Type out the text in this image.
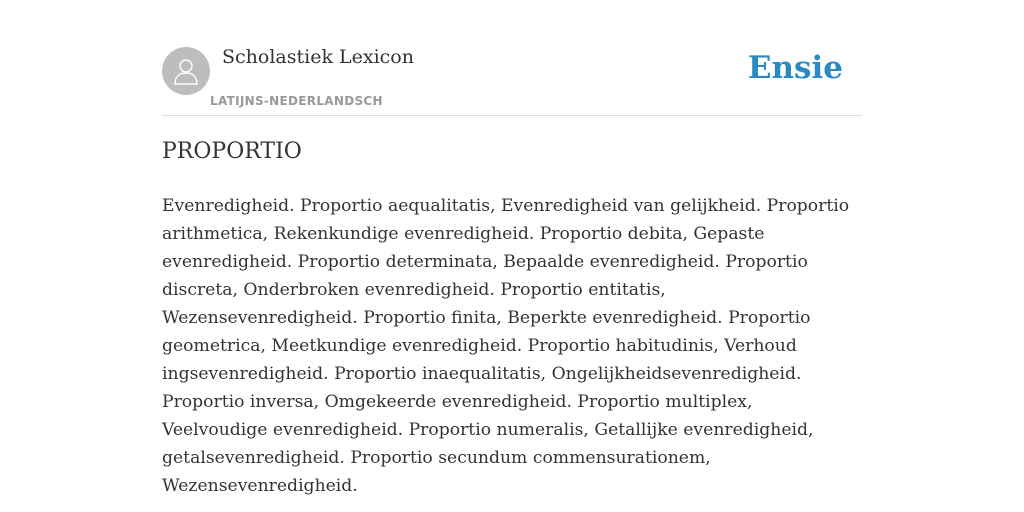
Scholastiek Lexicon
LATIJNS-NEDERLANDSCH
Ensie
PROPORTIO

Evenredigheid. Proportio aequalitatis, Evenredigheid van gelijkheid. Proportio arithmetica, Rekenkundige evenredigheid. Proportio debita, Gepaste evenredigheid. Proportio determinata, Bepaalde evenredigheid. Proportio discreta, Onderbroken evenredigheid. Proportio entitatis, Wezensevenredigheid. Proportio finita, Beperkte evenredigheid. Proportio geometrica, Meetkundige evenredigheid. Proportio habitudinis, Verhoud ingsevenredigheid. Proportio inaequalitatis, Ongelijkheidsevenredigheid. Proportio inversa, Omgekeerde evenredigheid. Proportio multiplex, Veelvoudige evenredigheid. Proportio numeralis, Getallijke evenredigheid, getalsevenredigheid. Proportio secundum commensurationem, Wezensevenredigheid.
